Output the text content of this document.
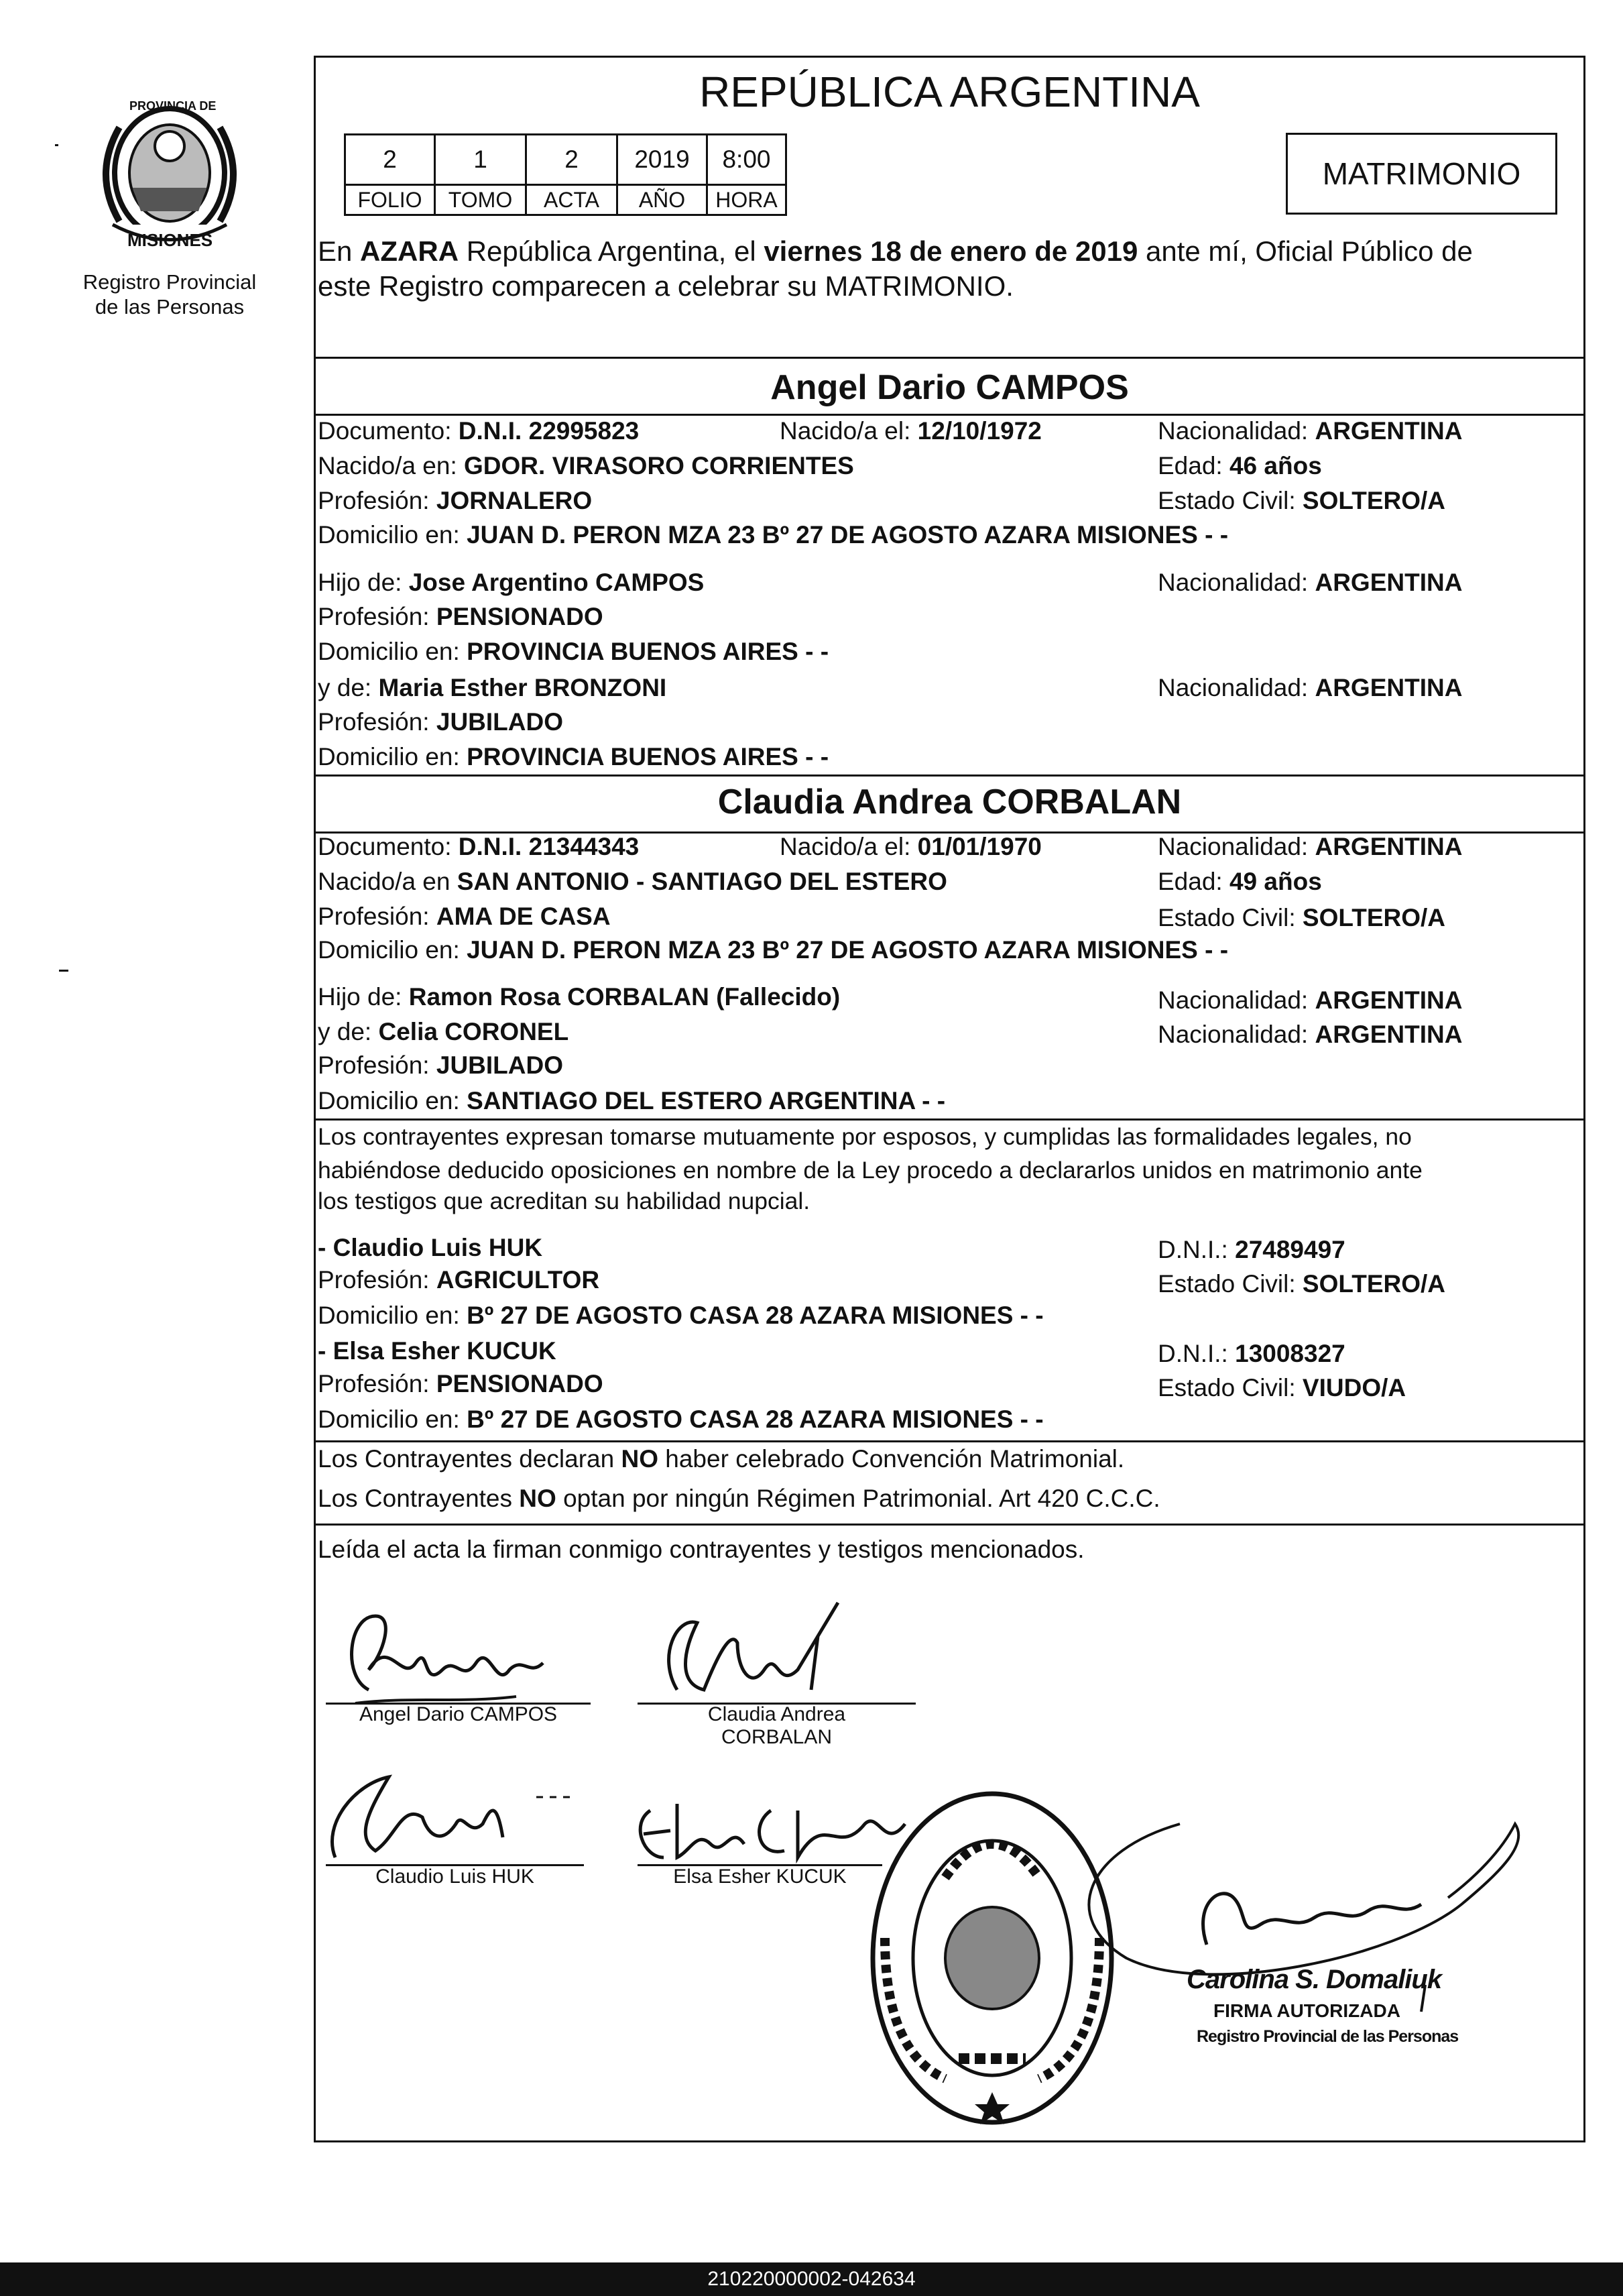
PROVINCIA DE
MISIONES
Registro Provincial
de las Personas
REPÚBLICA ARGENTINA
2	1	2	2019	8:00
FOLIO	TOMO	ACTA	AÑO	HORA
MATRIMONIO
En AZARA República Argentina, el viernes 18 de enero de 2019 ante mí, Oficial Público de
este Registro comparecen a celebrar su MATRIMONIO.
Angel Dario CAMPOS
Documento: D.N.I. 22995823	Nacido/a el: 12/10/1972	Nacionalidad: ARGENTINA
Nacido/a en: GDOR. VIRASORO CORRIENTES	Edad: 46 años
Profesión: JORNALERO	Estado Civil: SOLTERO/A
Domicilio en: JUAN D. PERON MZA 23 Bº 27 DE AGOSTO AZARA MISIONES - -
Hijo de: Jose Argentino CAMPOS	Nacionalidad: ARGENTINA
Profesión: PENSIONADO
Domicilio en: PROVINCIA BUENOS AIRES - -
y de: Maria Esther BRONZONI	Nacionalidad: ARGENTINA
Profesión: JUBILADO
Domicilio en: PROVINCIA BUENOS AIRES - -
Claudia Andrea CORBALAN
Documento: D.N.I. 21344343	Nacido/a el: 01/01/1970	Nacionalidad: ARGENTINA
Nacido/a en SAN ANTONIO - SANTIAGO DEL ESTERO	Edad: 49 años
Profesión: AMA DE CASA	Estado Civil: SOLTERO/A
Domicilio en: JUAN D. PERON MZA 23 Bº 27 DE AGOSTO AZARA MISIONES - -
Hijo de: Ramon Rosa CORBALAN (Fallecido)	Nacionalidad: ARGENTINA
y de: Celia CORONEL	Nacionalidad: ARGENTINA
Profesión: JUBILADO
Domicilio en: SANTIAGO DEL ESTERO ARGENTINA - -
Los contrayentes expresan tomarse mutuamente por esposos, y cumplidas las formalidades legales, no
habiéndose deducido oposiciones en nombre de la Ley procedo a declararlos unidos en matrimonio ante
los testigos que acreditan su habilidad nupcial.
- Claudio Luis HUK	D.N.I.: 27489497
Profesión: AGRICULTOR	Estado Civil: SOLTERO/A
Domicilio en: Bº 27 DE AGOSTO CASA 28 AZARA MISIONES - -
- Elsa Esher KUCUK	D.N.I.: 13008327
Profesión: PENSIONADO	Estado Civil: VIUDO/A
Domicilio en: Bº 27 DE AGOSTO CASA 28 AZARA MISIONES - -
Los Contrayentes declaran NO haber celebrado Convención Matrimonial.
Los Contrayentes NO optan por ningún Régimen Patrimonial. Art 420 C.C.C.
Leída el acta la firman conmigo contrayentes y testigos mencionados.
Angel Dario CAMPOS	Claudia Andrea
CORBALAN
Claudio Luis HUK	Elsa Esher KUCUK
Carolina S. Domaliuk
FIRMA AUTORIZADA
Registro Provincial de las Personas
210220000002-042634
